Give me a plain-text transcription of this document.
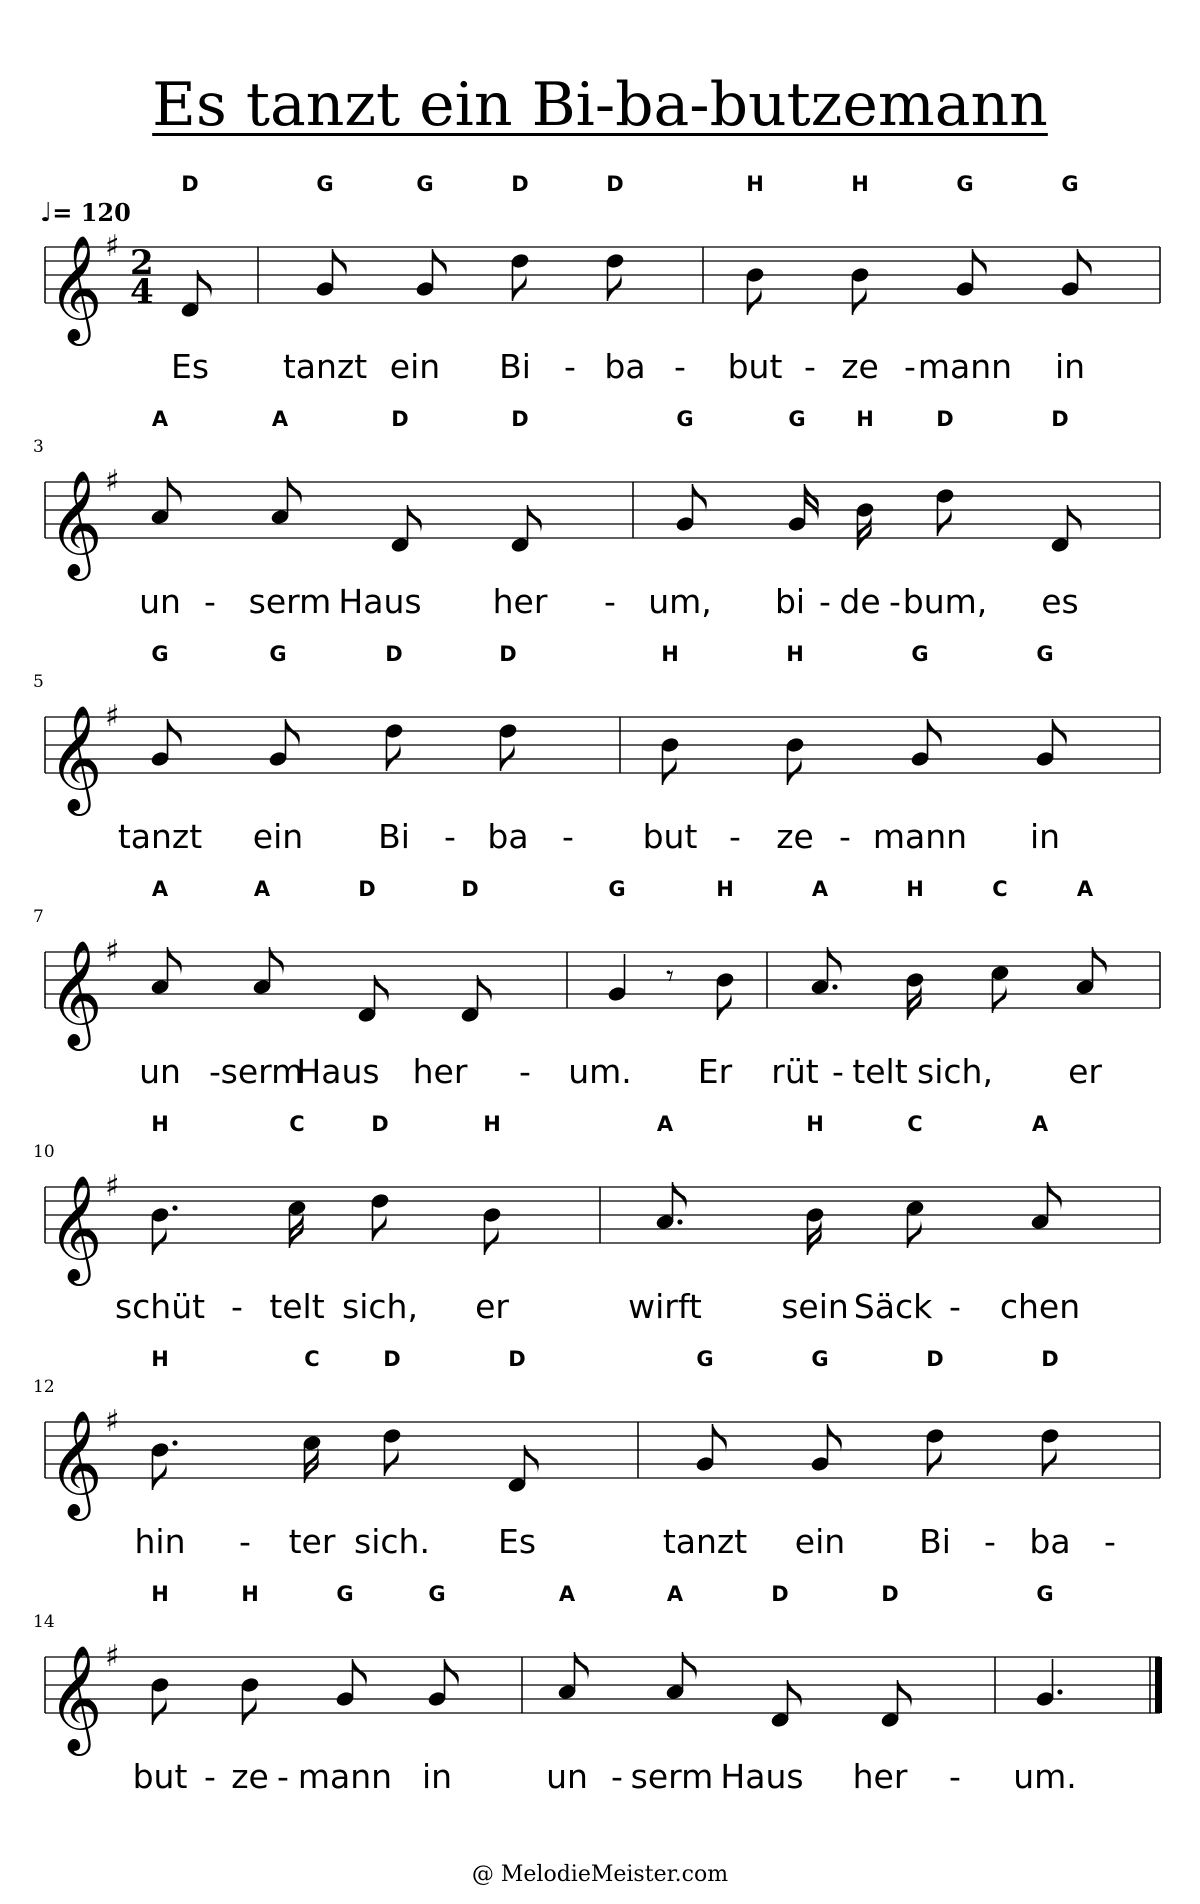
Es tanzt ein Bi-ba-butzemann
♩= 120
𝄞 ♯ 2
4
D	G	G	D	D	H	H	G	G
Es tanzt ein Bi - ba - but - ze - mann in
𝄞 ♯
3
A	A	D	D	G	G H	D	D
un - serm Haus her - um, bi - de - bum, es
𝄞 ♯
5
G	G	D	D	H	H	G	G
tanzt ein Bi - ba - but - ze - mann in
𝄞 ♯
𝄾
7
A	A	D	D	G	H	A	H	C	A
un - serm
Haus her - um. Er rüt - telt sich, er
𝄞 ♯
10
H	C	D	H	A	H	C	A
schüt - telt sich, er	wirft sein Säck - chen
𝄞 ♯
12
H	C	D	D	G	G	D	D
hin - ter sich. Es	tanzt ein Bi - ba -
𝄞 ♯
14
H	H	G	G	A	A	D	D	G
but - ze - mann in	un - serm Haus her - um.
@ MelodieMeister.com
